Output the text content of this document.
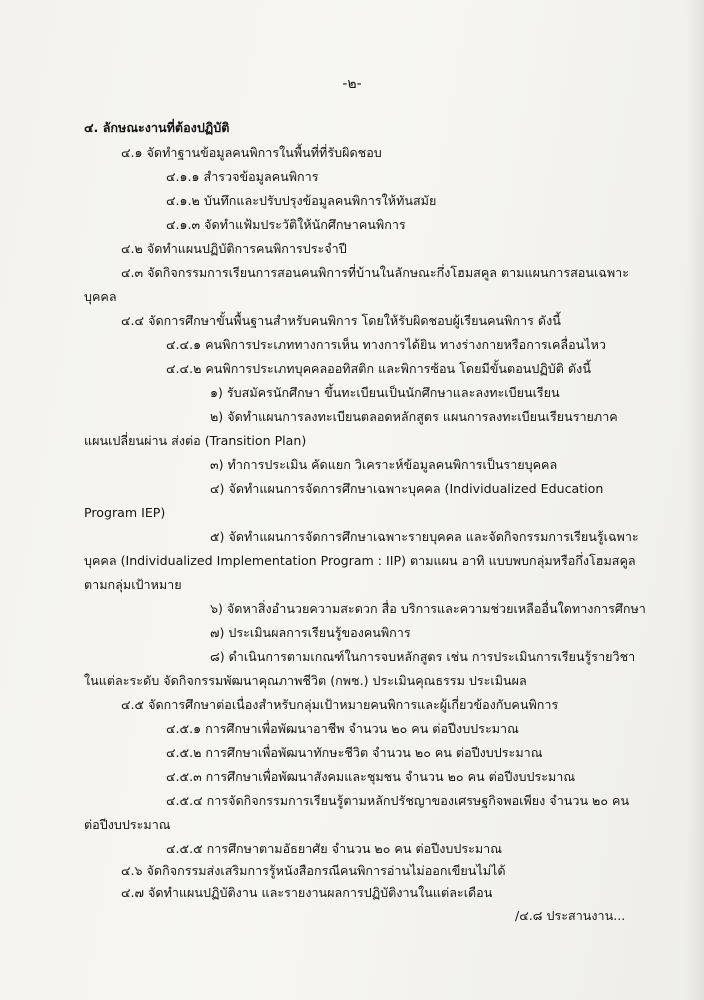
-๒-
๔. ลักษณะงานที่ต้องปฏิบัติ
๔.๑ จัดทำฐานข้อมูลคนพิการในพื้นที่ที่รับผิดชอบ
๔.๑.๑ สำรวจข้อมูลคนพิการ
๔.๑.๒ บันทึกและปรับปรุงข้อมูลคนพิการให้ทันสมัย
๔.๑.๓ จัดทำแฟ้มประวัติให้นักศึกษาคนพิการ
๔.๒ จัดทำแผนปฏิบัติการคนพิการประจำปี
๔.๓ จัดกิจกรรมการเรียนการสอนคนพิการที่บ้านในลักษณะกึ่งโฮมสคูล ตามแผนการสอนเฉพาะ
บุคคล
๔.๔ จัดการศึกษาขั้นพื้นฐานสำหรับคนพิการ โดยให้รับผิดชอบผู้เรียนคนพิการ ดังนี้
๔.๔.๑ คนพิการประเภททางการเห็น ทางการได้ยิน ทางร่างกายหรือการเคลื่อนไหว
๔.๔.๒ คนพิการประเภทบุคคลออทิสติก และพิการซ้อน โดยมีขั้นตอนปฏิบัติ ดังนี้
๑) รับสมัครนักศึกษา ขึ้นทะเบียนเป็นนักศึกษาและลงทะเบียนเรียน
๒) จัดทำแผนการลงทะเบียนตลอดหลักสูตร แผนการลงทะเบียนเรียนรายภาค
แผนเปลี่ยนผ่าน ส่งต่อ (Transition Plan)
๓) ทำการประเมิน คัดแยก วิเคราะห์ข้อมูลคนพิการเป็นรายบุคคล
๔) จัดทำแผนการจัดการศึกษาเฉพาะบุคคล (Individualized Education
Program IEP)
๕) จัดทำแผนการจัดการศึกษาเฉพาะรายบุคคล และจัดกิจกรรมการเรียนรู้เฉพาะ
บุคคล (Individualized Implementation Program : IIP) ตามแผน อาทิ แบบพบกลุ่มหรือกึ่งโฮมสคูล
ตามกลุ่มเป้าหมาย
๖) จัดหาสิ่งอำนวยความสะดวก สื่อ บริการและความช่วยเหลืออื่นใดทางการศึกษา
๗) ประเมินผลการเรียนรู้ของคนพิการ
๘) ดำเนินการตามเกณฑ์ในการจบหลักสูตร เช่น การประเมินการเรียนรู้รายวิชา
ในแต่ละระดับ จัดกิจกรรมพัฒนาคุณภาพชีวิต (กพช.) ประเมินคุณธรรม ประเมินผล
๔.๕ จัดการศึกษาต่อเนื่องสำหรับกลุ่มเป้าหมายคนพิการและผู้เกี่ยวข้องกับคนพิการ
๔.๕.๑ การศึกษาเพื่อพัฒนาอาชีพ จำนวน ๒๐ คน ต่อปีงบประมาณ
๔.๕.๒ การศึกษาเพื่อพัฒนาทักษะชีวิต จำนวน ๒๐ คน ต่อปีงบประมาณ
๔.๕.๓ การศึกษาเพื่อพัฒนาสังคมและชุมชน จำนวน ๒๐ คน ต่อปีงบประมาณ
๔.๕.๔ การจัดกิจกรรมการเรียนรู้ตามหลักปรัชญาของเศรษฐกิจพอเพียง จำนวน ๒๐ คน
ต่อปีงบประมาณ
๔.๕.๕ การศึกษาตามอัธยาศัย จำนวน ๒๐ คน ต่อปีงบประมาณ
๔.๖ จัดกิจกรรมส่งเสริมการรู้หนังสือกรณีคนพิการอ่านไม่ออกเขียนไม่ได้
๔.๗ จัดทำแผนปฏิบัติงาน และรายงานผลการปฏิบัติงานในแต่ละเดือน
/๔.๘ ประสานงาน...
